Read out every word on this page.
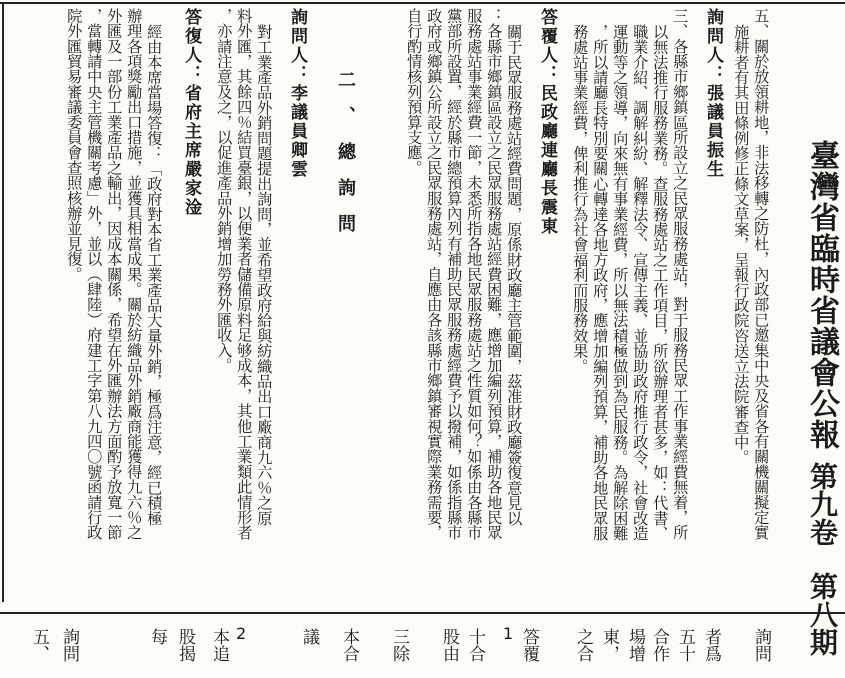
臺灣省臨時省議會公報
第九卷
第八期
五、關於放領耕地，非法移轉之防杜，內政部已邀集中央及省各有關機關擬定實
施耕者有其田條例修正條文草案，呈報行政院咨送立法院審查中。
詢問人：張議員振生
三、各縣市鄉鎮區所設立之民眾服務處站，對于服務民眾工作事業經費無着，所
以無法推行服務業務。查服務處站之工作項目，所欲辦理者甚多，如：代書、
職業介紹、調解糾紛、解釋法令、宣傳主義、並協助政府推行政令，社會改造
運動等之領導，向來無有事業經費，所以無法積極做到為民服務。為解除困難
，所以請廳長特別要關心轉達各地方政府，應增加編列預算，補助各地民眾服
務處站事業經費，俾利推行為社會福利而服務效果。
答覆人：民政廳連廳長震東
關于民眾服務處站經費問題，原係財政廳主管範圍，茲准財政廳簽復意見以
：各縣市鄉鎮區設立之民眾服務處站經費困難，應增加編列預算，補助各地民眾
服務處站事業經費一節，未悉所指各地民眾服務處站之性質如何？如係由各縣市
黨部所設置，經於縣市總預算內列有補助民眾服務處經費予以撥補，如係指縣市
政府或鄉鎮公所設立之民眾服務處站，自應由各該縣市鄉鎮審視實際業務需要，
自行酌情核列預算支應。
二、總詢問
詢問人：李議員卿雲
對工業產品外銷問題提出詢問，並希望政府給與紡織品出口廠商九六％之原
料外匯，其餘四％結買臺銀，以便業者儲備原料足够成本，其他工業類此情形者
，亦請注意及之，以促進產品外銷增加勞務外匯收入。
答復人：省府主席嚴家淦
經由本席當場答復：「政府對本省工業產品大量外銷，極爲注意，經已積極
辦理各項獎勵出口措施，並獲具相當成果。關於紡織品外銷廠商能獲得九六％之
外匯及一部份工業產品之輸出，因成本關係，希望在外匯辦法方面酌予放寬一節
，當轉請中央主管機關考慮」外，並以（肆陸）府建工字第八九四〇號函請行政
院外匯貿易審議委員會查照核辦並見復。
詢問
者爲
五十
合作
場增
東，
之合
答覆
1
十合
股由
三除
本合
議
2
本追
股揭
每
詢問
五、
